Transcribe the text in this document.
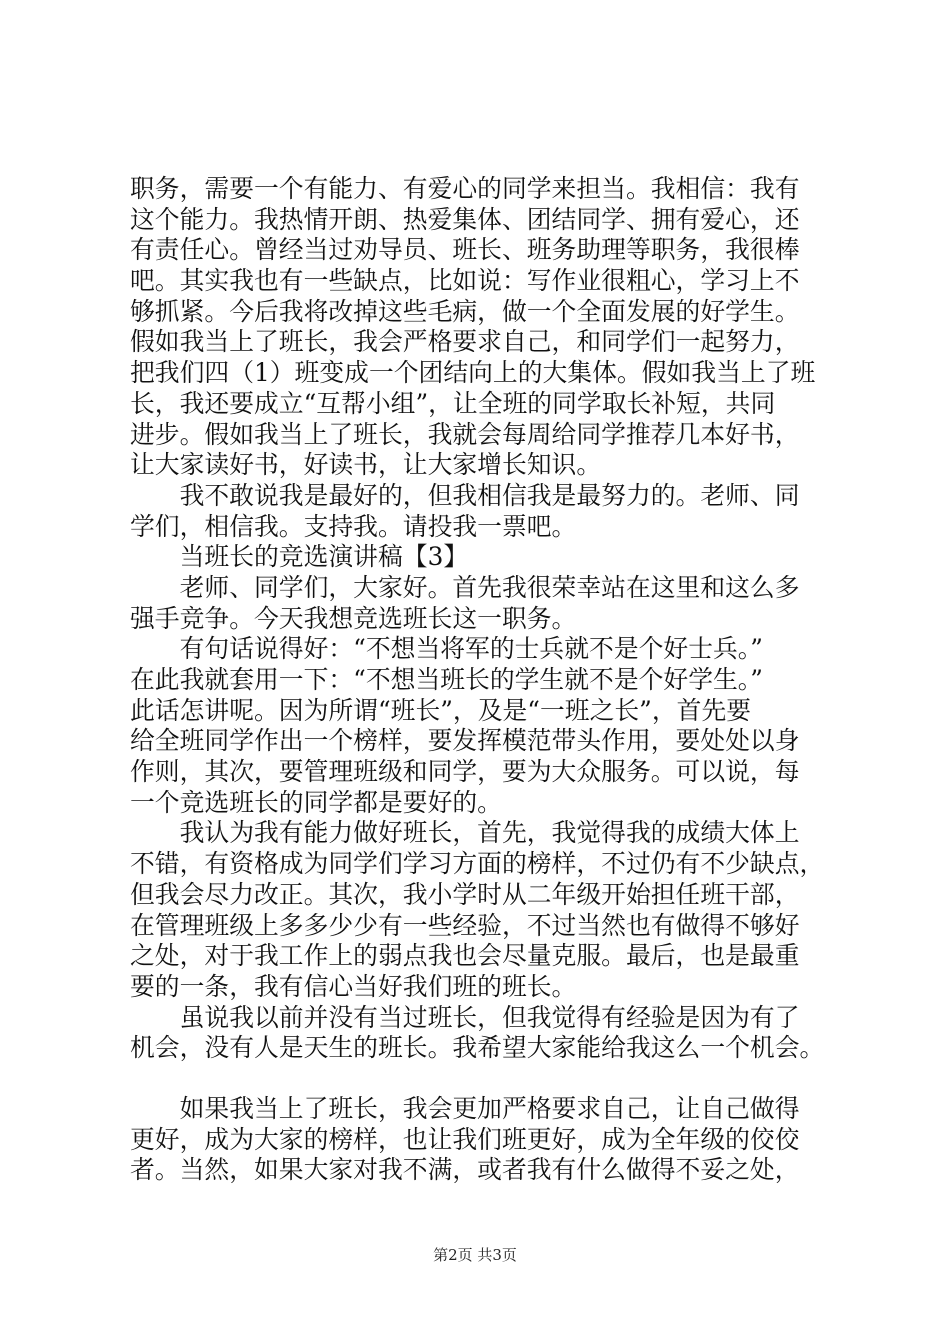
职务，需要一个有能力、有爱心的同学来担当。我相信：我有
这个能力。我热情开朗、热爱集体、团结同学、拥有爱心，还
有责任心。曾经当过劝导员、班长、班务助理等职务，我很棒
吧。其实我也有一些缺点，比如说：写作业很粗心，学习上不
够抓紧。今后我将改掉这些毛病，做一个全面发展的好学生。
假如我当上了班长，我会严格要求自己，和同学们一起努力，
把我们四（1）班变成一个团结向上的大集体。假如我当上了班
长，我还要成立“互帮小组”，让全班的同学取长补短，共同
进步。假如我当上了班长，我就会每周给同学推荐几本好书，
让大家读好书，好读书，让大家增长知识。
　　我不敢说我是最好的，但我相信我是最努力的。老师、同
学们，相信我。支持我。请投我一票吧。
　　当班长的竞选演讲稿【3】
　　老师、同学们，大家好。首先我很荣幸站在这里和这么多
强手竞争。今天我想竞选班长这一职务。
　　有句话说得好：“不想当将军的士兵就不是个好士兵。”
在此我就套用一下：“不想当班长的学生就不是个好学生。”
此话怎讲呢。因为所谓“班长”，及是“一班之长”，首先要
给全班同学作出一个榜样，要发挥模范带头作用，要处处以身
作则，其次，要管理班级和同学，要为大众服务。可以说，每
一个竞选班长的同学都是要好的。
　　我认为我有能力做好班长，首先，我觉得我的成绩大体上
不错，有资格成为同学们学习方面的榜样，不过仍有不少缺点，
但我会尽力改正。其次，我小学时从二年级开始担任班干部，
在管理班级上多多少少有一些经验，不过当然也有做得不够好
之处，对于我工作上的弱点我也会尽量克服。最后，也是最重
要的一条，我有信心当好我们班的班长。
　　虽说我以前并没有当过班长，但我觉得有经验是因为有了
机会，没有人是天生的班长。我希望大家能给我这么一个机会。
　　如果我当上了班长，我会更加严格要求自己，让自己做得
更好，成为大家的榜样，也让我们班更好，成为全年级的佼佼
者。当然，如果大家对我不满，或者我有什么做得不妥之处，
第2页 共3页
